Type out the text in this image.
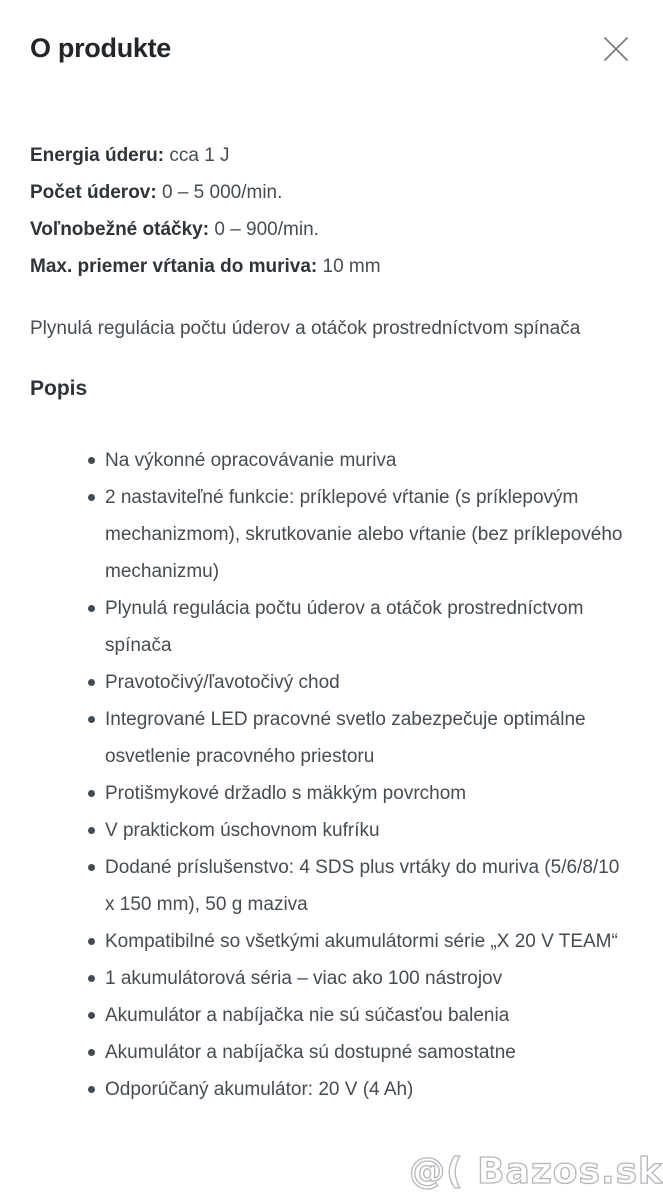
O produkte
Energia úderu: cca 1 J
Počet úderov: 0 – 5 000/min.
Voľnobežné otáčky: 0 – 900/min.
Max. priemer vŕtania do muriva: 10 mm

Plynulá regulácia počtu úderov a otáčok prostredníctvom spínača

Popis
Na výkonné opracovávanie muriva
2 nastaviteľné funkcie: príklepové vŕtanie (s príklepovým mechanizmom), skrutkovanie alebo vŕtanie (bez príklepového mechanizmu)
Plynulá regulácia počtu úderov a otáčok prostredníctvom spínača
Pravotočivý/ľavotočivý chod
Integrované LED pracovné svetlo zabezpečuje optimálne osvetlenie pracovného priestoru
Protišmykové držadlo s mäkkým povrchom
V praktickom úschovnom kufríku
Dodané príslušenstvo: 4 SDS plus vrtáky do muriva (5/6/8/10 x 150 mm), 50 g maziva
Kompatibilné so všetkými akumulátormi série „X 20 V TEAM“
1 akumulátorová séria – viac ako 100 nástrojov
Akumulátor a nabíjačka nie sú súčasťou balenia
Akumulátor a nabíjačka sú dostupné samostatne
Odporúčaný akumulátor: 20 V (4 Ah)
@( Bazos.sk
